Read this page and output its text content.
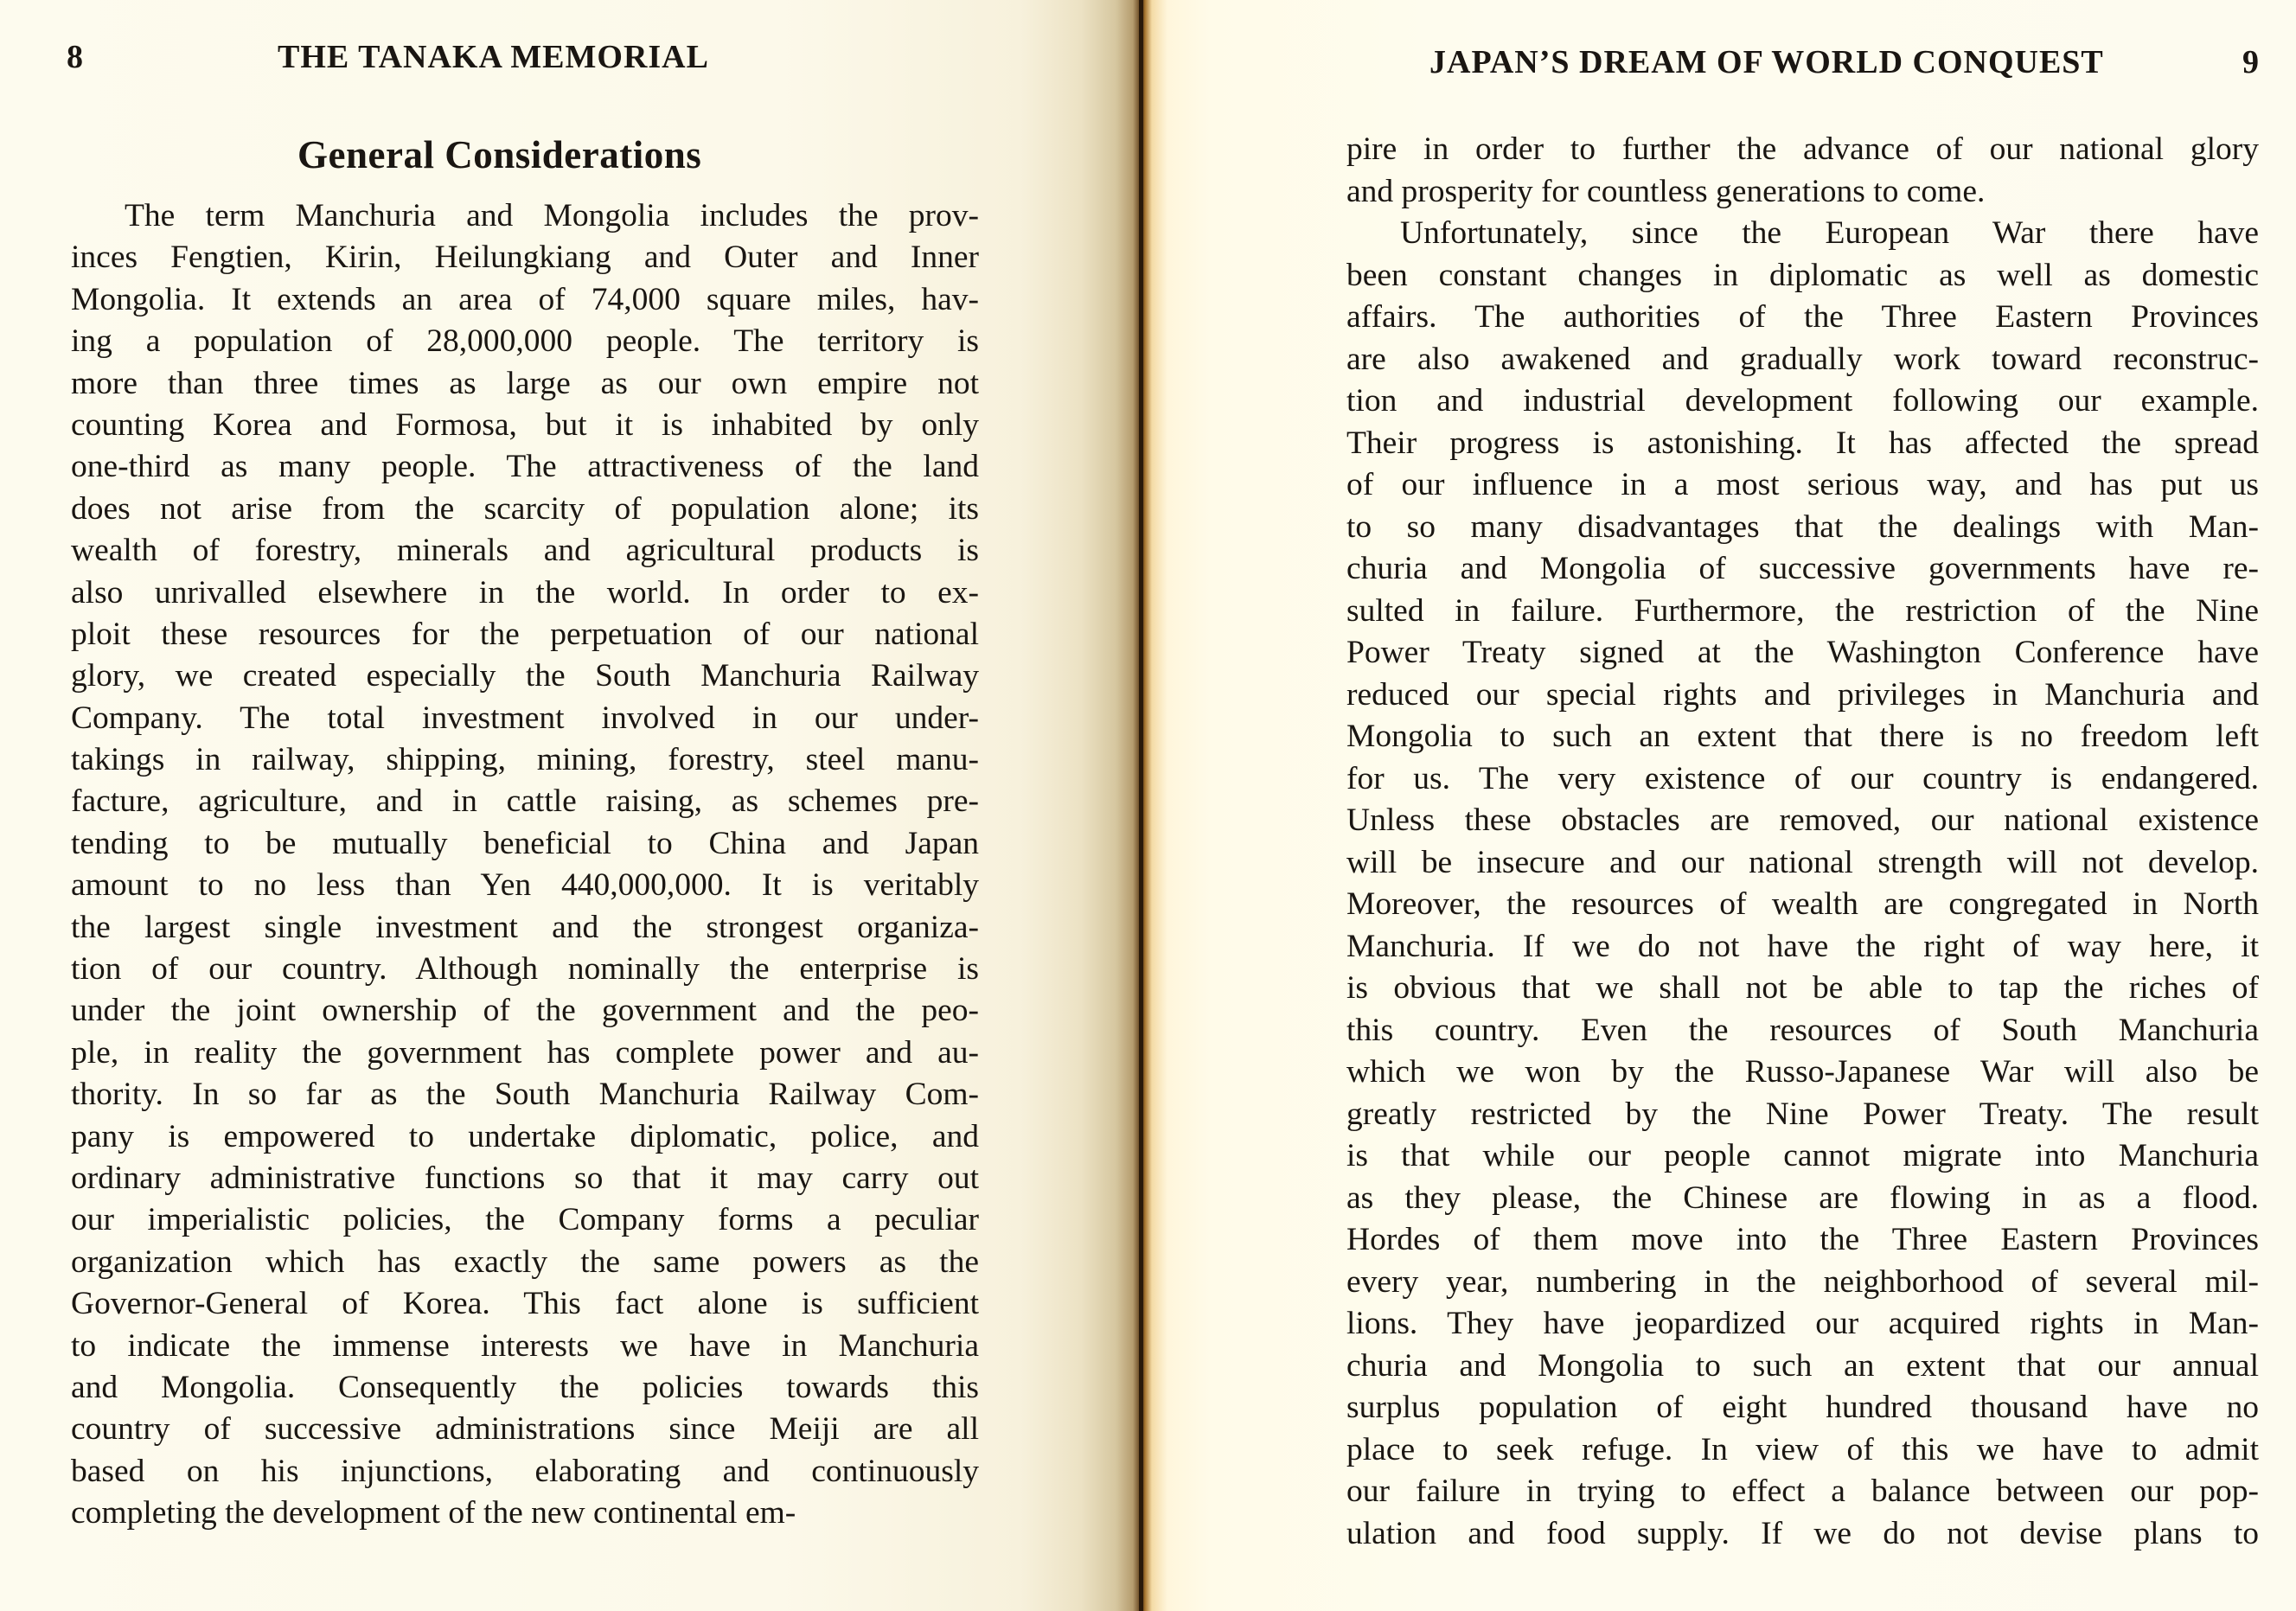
8	THE TANAKA MEMORIAL
General Considerations
The term Manchuria and Mongolia includes the prov-
inces Fengtien, Kirin, Heilungkiang and Outer and Inner
Mongolia. It extends an area of 74,000 square miles, hav-
ing a population of 28,000,000 people. The territory is
more than three times as large as our own empire not
counting Korea and Formosa, but it is inhabited by only
one-third as many people. The attractiveness of the land
does not arise from the scarcity of population alone; its
wealth of forestry, minerals and agricultural products is
also unrivalled elsewhere in the world. In order to ex-
ploit these resources for the perpetuation of our national
glory, we created especially the South Manchuria Railway
Company. The total investment involved in our under-
takings in railway, shipping, mining, forestry, steel manu-
facture, agriculture, and in cattle raising, as schemes pre-
tending to be mutually beneficial to China and Japan
amount to no less than Yen 440,000,000. It is veritably
the largest single investment and the strongest organiza-
tion of our country. Although nominally the enterprise is
under the joint ownership of the government and the peo-
ple, in reality the government has complete power and au-
thority. In so far as the South Manchuria Railway Com-
pany is empowered to undertake diplomatic, police, and
ordinary administrative functions so that it may carry out
our imperialistic policies, the Company forms a peculiar
organization which has exactly the same powers as the
Governor-General of Korea. This fact alone is sufficient
to indicate the immense interests we have in Manchuria
and Mongolia. Consequently the policies towards this
country of successive administrations since Meiji are all
based on his injunctions, elaborating and continuously
completing the development of the new continental em-
JAPAN’S DREAM OF WORLD CONQUEST	9
pire in order to further the advance of our national glory
and prosperity for countless generations to come.
Unfortunately, since the European War there have
been constant changes in diplomatic as well as domestic
affairs. The authorities of the Three Eastern Provinces
are also awakened and gradually work toward reconstruc-
tion and industrial development following our example.
Their progress is astonishing. It has affected the spread
of our influence in a most serious way, and has put us
to so many disadvantages that the dealings with Man-
churia and Mongolia of successive governments have re-
sulted in failure. Furthermore, the restriction of the Nine
Power Treaty signed at the Washington Conference have
reduced our special rights and privileges in Manchuria and
Mongolia to such an extent that there is no freedom left
for us. The very existence of our country is endangered.
Unless these obstacles are removed, our national existence
will be insecure and our national strength will not develop.
Moreover, the resources of wealth are congregated in North
Manchuria. If we do not have the right of way here, it
is obvious that we shall not be able to tap the riches of
this country. Even the resources of South Manchuria
which we won by the Russo-Japanese War will also be
greatly restricted by the Nine Power Treaty. The result
is that while our people cannot migrate into Manchuria
as they please, the Chinese are flowing in as a flood.
Hordes of them move into the Three Eastern Provinces
every year, numbering in the neighborhood of several mil-
lions. They have jeopardized our acquired rights in Man-
churia and Mongolia to such an extent that our annual
surplus population of eight hundred thousand have no
place to seek refuge. In view of this we have to admit
our failure in trying to effect a balance between our pop-
ulation and food supply. If we do not devise plans to
